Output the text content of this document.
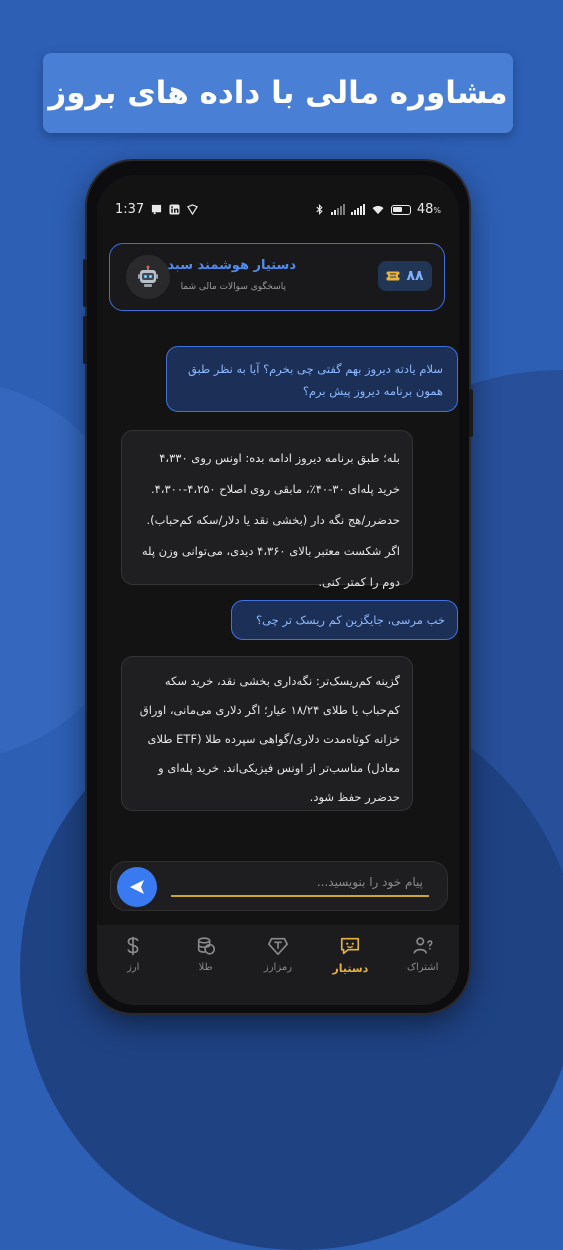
مشاوره مالی با داده های بروز
1:37	48%
۸۸
دستیار هوشمند سبد
پاسخگوی سوالات مالی شما
سلام یادته دیروز بهم گفتی چی بخرم؟ آیا به نظر طبق همون برنامه دیروز پیش برم؟
بله؛ طبق برنامه دیروز ادامه بده: اونس روی ۴،۳۳۰ خرید پله‌ای ۳۰-۴۰٪، مابقی روی اصلاح ۴،۲۵۰-۴،۳۰۰. حدضرر/هج نگه دار (بخشی نقد یا دلار/سکه کم‌حباب). اگر شکست معتبر بالای ۴،۳۶۰ دیدی، می‌توانی وزن پله دوم را کمتر کنی.
خب مرسی، جایگزین کم ریسک تر چی؟
گزینه کم‌ریسک‌تر: نگه‌داری بخشی نقد، خرید سکه کم‌حباب یا طلای ۱۸/۲۴ عیار؛ اگر دلاری می‌مانی، اوراق خزانه کوتاه‌مدت دلاری/گواهی سپرده طلا (ETF طلای معادل) مناسب‌تر از اونس فیزیکی‌اند. خرید پله‌ای و حدضرر حفظ شود.
پیام خود را بنویسید...
اشتراک
دستیار
رمزارز
طلا
ارز
